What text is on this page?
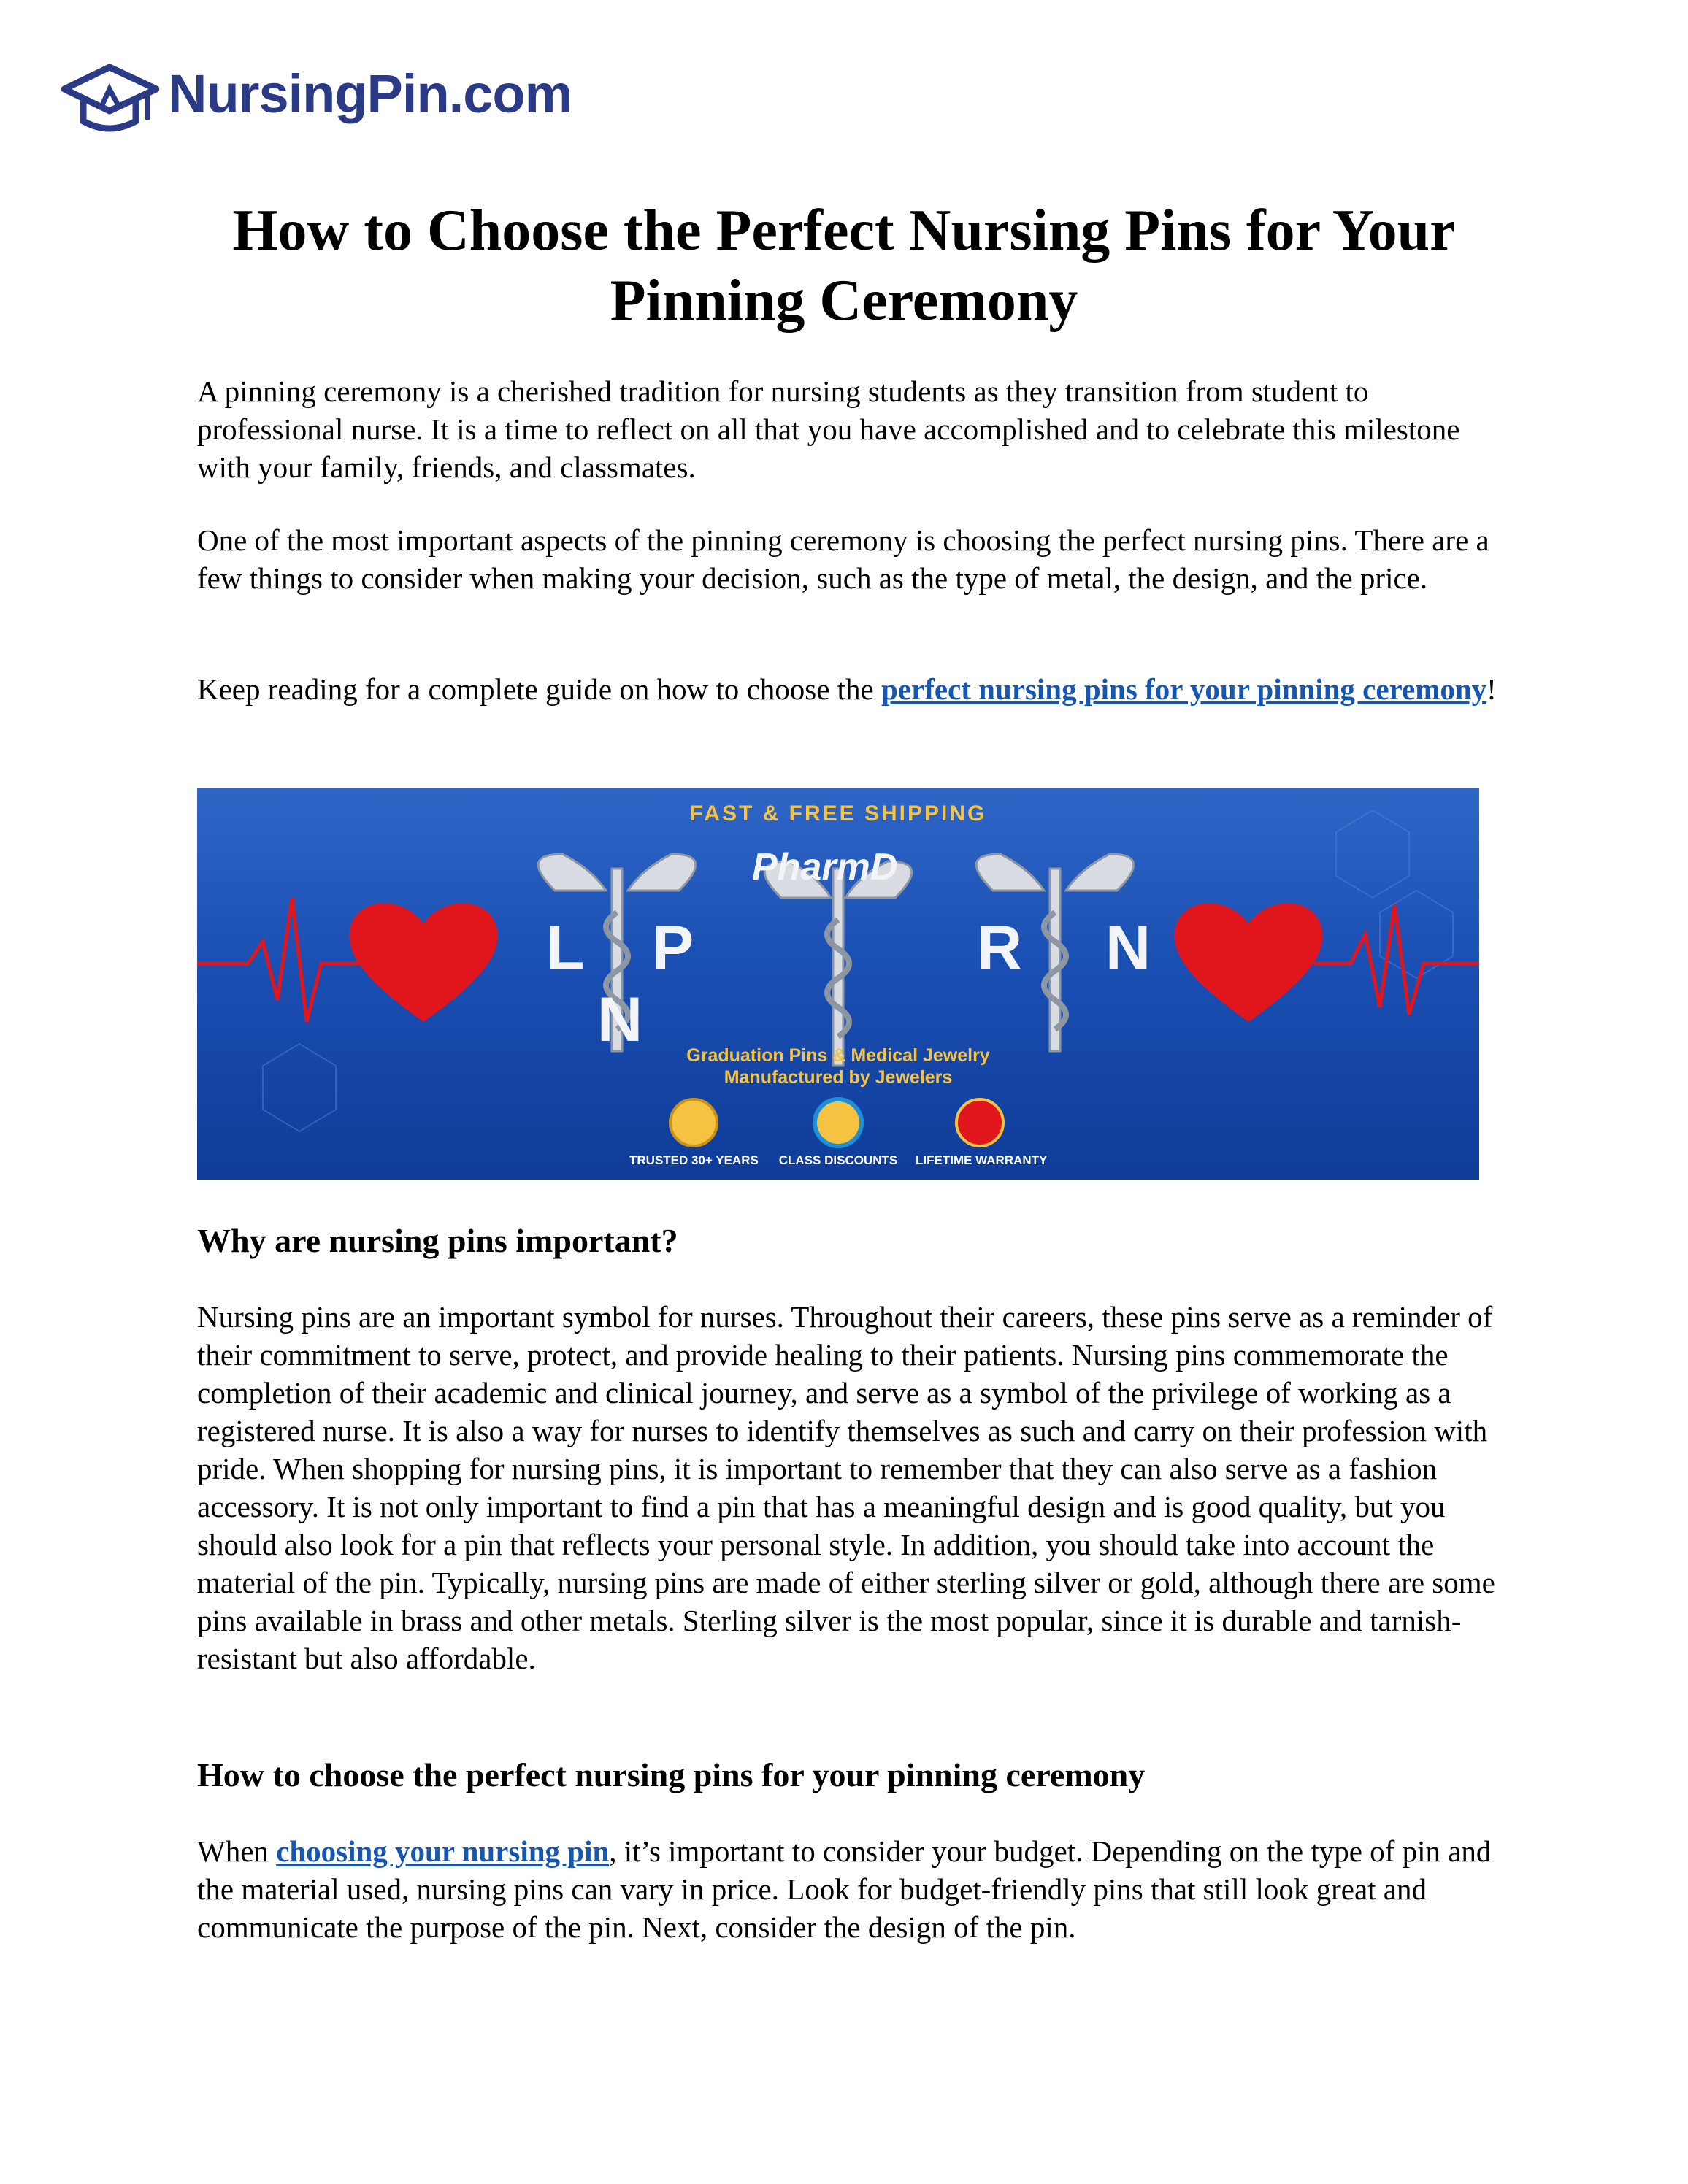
NursingPin.com
How to Choose the Perfect Nursing Pins for Your Pinning Ceremony

A pinning ceremony is a cherished tradition for nursing students as they transition from student to professional nurse. It is a time to reflect on all that you have accomplished and to celebrate this milestone with your family, friends, and classmates.

One of the most important aspects of the pinning ceremony is choosing the perfect nursing pins. There are a few things to consider when making your decision, such as the type of metal, the design, and the price.

Keep reading for a complete guide on how to choose the perfect nursing pins for your pinning ceremony!

FAST & FREE SHIPPING
L P
N
PharmD
R N
Graduation Pins & Medical Jewelry
Manufactured by Jewelers
TRUSTED 30+ YEARS	CLASS DISCOUNTS	LIFETIME WARRANTY
Why are nursing pins important?

Nursing pins are an important symbol for nurses. Throughout their careers, these pins serve as a reminder of their commitment to serve, protect, and provide healing to their patients. Nursing pins commemorate the completion of their academic and clinical journey, and serve as a symbol of the privilege of working as a registered nurse. It is also a way for nurses to identify themselves as such and carry on their profession with pride. When shopping for nursing pins, it is important to remember that they can also serve as a fashion accessory. It is not only important to find a pin that has a meaningful design and is good quality, but you should also look for a pin that reflects your personal style. In addition, you should take into account the material of the pin. Typically, nursing pins are made of either sterling silver or gold, although there are some pins available in brass and other metals. Sterling silver is the most popular, since it is durable and tarnish-resistant but also affordable.

How to choose the perfect nursing pins for your pinning ceremony

When choosing your nursing pin, it’s important to consider your budget. Depending on the type of pin and the material used, nursing pins can vary in price. Look for budget-friendly pins that still look great and communicate the purpose of the pin. Next, consider the design of the pin.
